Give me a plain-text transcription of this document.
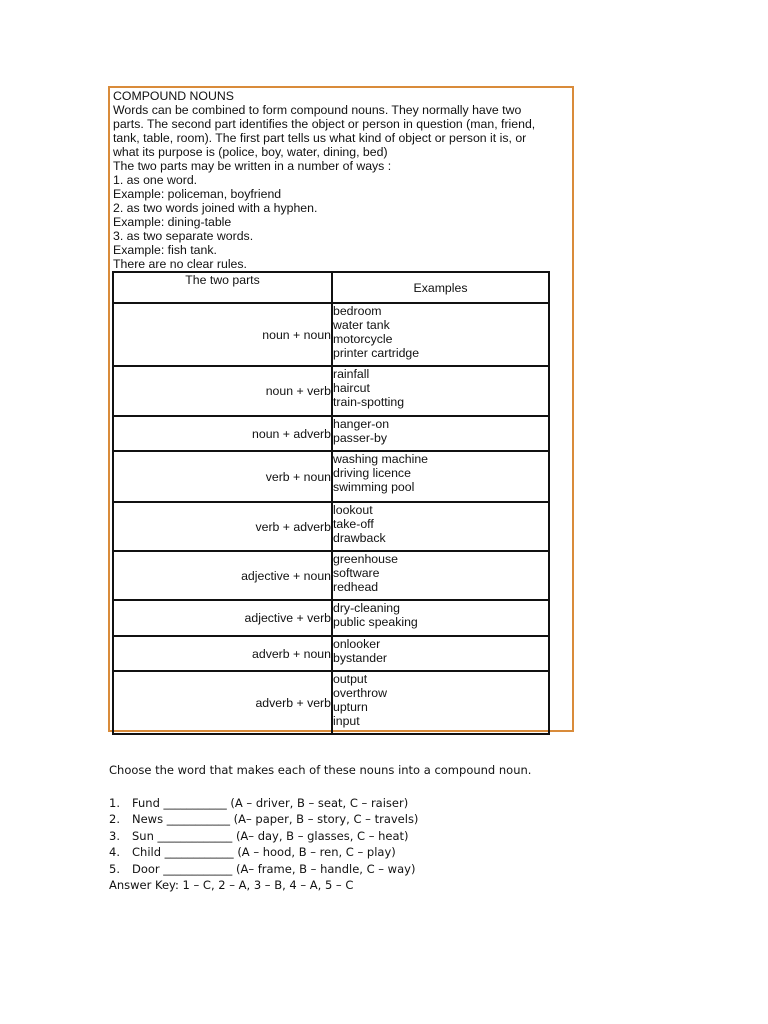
COMPOUND NOUNS
Words can be combined to form compound nouns. They normally have two
parts. The second part identifies the object or person in question (man, friend,
tank, table, room). The first part tells us what kind of object or person it is, or
what its purpose is (police, boy, water, dining, bed)
The two parts may be written in a number of ways :
1. as one word.
Example: policeman, boyfriend
2. as two words joined with a hyphen.
Example: dining-table
3. as two separate words.
Example: fish tank.
There are no clear rules.
The two parts	Examples
noun + noun	bedroom
water tank
motorcycle
printer cartridge

noun + verb	rainfall
haircut
train-spotting

noun + adverb	hanger-on
passer-by

verb + noun	washing machine
driving licence
swimming pool

verb + adverb	lookout
take-off
drawback

adjective + noun	greenhouse
software
redhead

adjective + verb	dry-cleaning
public speaking

adverb + noun	onlooker
bystander

adverb + verb	output
overthrow
upturn
input
Choose the word that makes each of these nouns into a compound noun.
1.	Fund ___________ (A – driver, B – seat, C – raiser)
2.	News ___________ (A– paper, B – story, C – travels)
3.	Sun _____________ (A– day, B – glasses, C – heat)
4.	Child ____________ (A – hood, B – ren, C – play)
5.	Door ____________ (A– frame, B – handle, C – way)
Answer Key: 1 – C, 2 – A, 3 – B, 4 – A, 5 – C
